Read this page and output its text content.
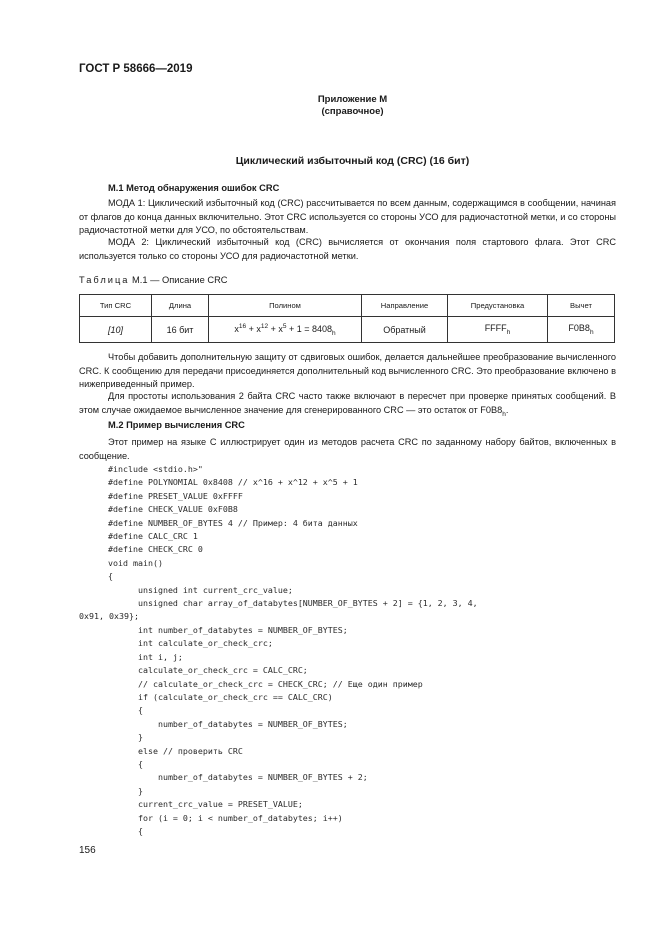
ГОСТ Р 58666—2019
Приложение М
(справочное)
Циклический избыточный код (CRC) (16 бит)
М.1 Метод обнаружения ошибок CRC
МОДА 1: Циклический избыточный код (CRC) рассчитывается по всем данным, содержащимся в сообщении, начиная от флагов до конца данных включительно. Этот CRC используется со стороны УСО для радиочастотной метки, и со стороны радиочастотной метки для УСО, по обстоятельствам.
МОДА 2: Циклический избыточный код (CRC) вычисляется от окончания поля стартового флага. Этот CRC используется только со стороны УСО для радиочастотной метки.
Таблица М.1 — Описание CRC
Тип CRC	Длина	Полином	Направление	Предустановка	Вычет
[10]	16 бит	$x^{16} + x^{12} + x^5 + 1 = 8408_h$	Обратный	$FFFF_h$	$F0B8_h$
Чтобы добавить дополнительную защиту от сдвиговых ошибок, делается дальнейшее преобразование вычисленного CRC. К сообщению для передачи присоединяется дополнительный код вычисленного CRC. Это преобразование включено в нижеприведенный пример.
Для простоты использования 2 байта CRC часто также включают в пересчет при проверке принятых сообщений. В этом случае ожидаемое вычисленное значение для сгенерированного CRC — это остаток от $F0B8_h$.
М.2 Пример вычисления CRC
Этот пример на языке С иллюстрирует один из методов расчета CRC по заданному набору байтов, включенных в сообщение.
#include <stdio.h>"
#define POLYNOMIAL 0x8408 // x^16 + x^12 + x^5 + 1
#define PRESET_VALUE 0xFFFF
#define CHECK_VALUE 0xF0B8
#define NUMBER_OF_BYTES 4 // Пример: 4 бита данных
#define CALC_CRC 1
#define CHECK_CRC 0
void main()
{
unsigned int current_crc_value;
unsigned char array_of_databytes[NUMBER_OF_BYTES + 2] = {1, 2, 3, 4,
0x91, 0x39};
int number_of_databytes = NUMBER_OF_BYTES;
int calculate_or_check_crc;
int i, j;
calculate_or_check_crc = CALC_CRC;
// calculate_or_check_crc = CHECK_CRC; // Еще один пример
if (calculate_or_check_crc == CALC_CRC)
{
number_of_databytes = NUMBER_OF_BYTES;
}
else // проверить CRC
{
number_of_databytes = NUMBER_OF_BYTES + 2;
}
current_crc_value = PRESET_VALUE;
for (i = 0; i < number_of_databytes; i++)
{
156
